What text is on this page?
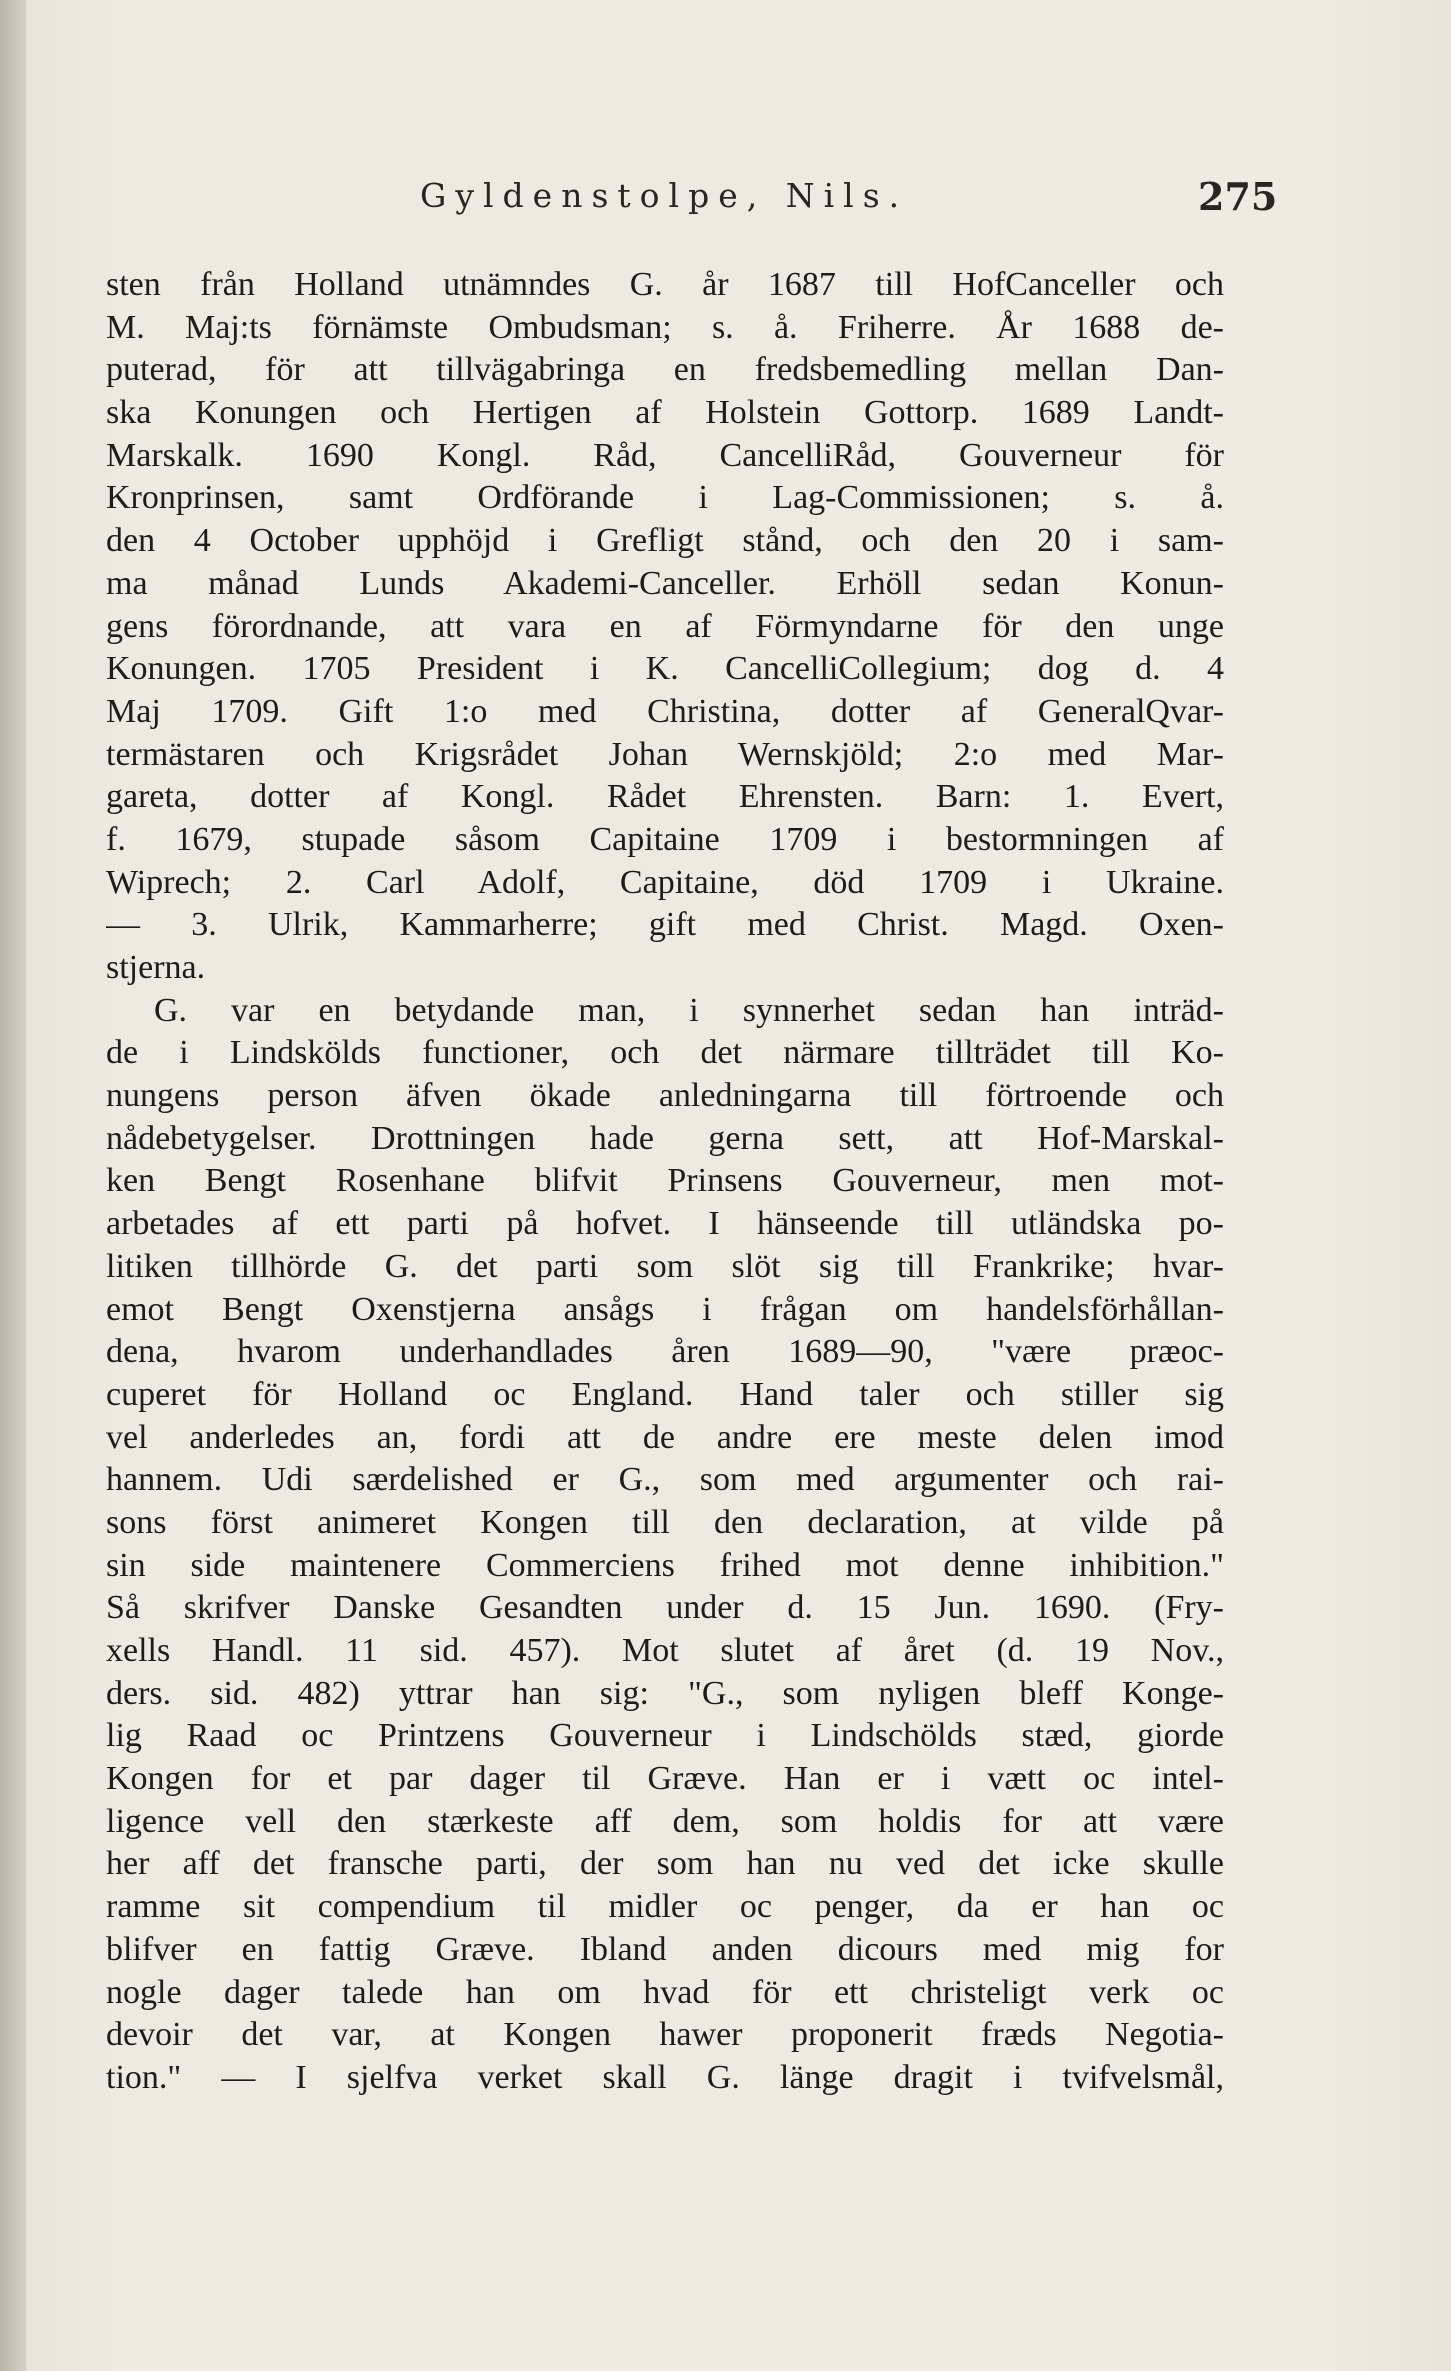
Gyldenstolpe, Nils.	275
sten från Holland utnämndes G. år 1687 till HofCanceller och
M. Maj:ts förnämste Ombudsman; s. å. Friherre. År 1688 de-
puterad, för att tillvägabringa en fredsbemedling mellan Dan-
ska Konungen och Hertigen af Holstein Gottorp. 1689 Landt-
Marskalk. 1690 Kongl. Råd, CancelliRåd, Gouverneur för
Kronprinsen, samt Ordförande i Lag-Commissionen; s. å.
den 4 October upphöjd i Grefligt stånd, och den 20 i sam-
ma månad Lunds Akademi-Canceller. Erhöll sedan Konun-
gens förordnande, att vara en af Förmyndarne för den unge
Konungen. 1705 President i K. CancelliCollegium; dog d. 4
Maj 1709. Gift 1:o med Christina, dotter af GeneralQvar-
termästaren och Krigsrådet Johan Wernskjöld; 2:o med Mar-
gareta, dotter af Kongl. Rådet Ehrensten. Barn: 1. Evert,
f. 1679, stupade såsom Capitaine 1709 i bestormningen af
Wiprech; 2. Carl Adolf, Capitaine, död 1709 i Ukraine.
— 3. Ulrik, Kammarherre; gift med Christ. Magd. Oxen-
stjerna.
G. var en betydande man, i synnerhet sedan han inträd-
de i Lindskölds functioner, och det närmare tillträdet till Ko-
nungens person äfven ökade anledningarna till förtroende och
nådebetygelser. Drottningen hade gerna sett, att Hof-Marskal-
ken Bengt Rosenhane blifvit Prinsens Gouverneur, men mot-
arbetades af ett parti på hofvet. I hänseende till utländska po-
litiken tillhörde G. det parti som slöt sig till Frankrike; hvar-
emot Bengt Oxenstjerna ansågs i frågan om handelsförhållan-
dena, hvarom underhandlades åren 1689—90, "være præoc-
cuperet för Holland oc England. Hand taler och stiller sig
vel anderledes an, fordi att de andre ere meste delen imod
hannem. Udi særdelished er G., som med argumenter och rai-
sons först animeret Kongen till den declaration, at vilde på
sin side maintenere Commerciens frihed mot denne inhibition."
Så skrifver Danske Gesandten under d. 15 Jun. 1690. (Fry-
xells Handl. 11 sid. 457). Mot slutet af året (d. 19 Nov.,
ders. sid. 482) yttrar han sig: "G., som nyligen bleff Konge-
lig Raad oc Printzens Gouverneur i Lindschölds stæd, giorde
Kongen for et par dager til Græve. Han er i vætt oc intel-
ligence vell den stærkeste aff dem, som holdis for att være
her aff det fransche parti, der som han nu ved det icke skulle
ramme sit compendium til midler oc penger, da er han oc
blifver en fattig Græve. Ibland anden dicours med mig for
nogle dager talede han om hvad för ett christeligt verk oc
devoir det var, at Kongen hawer proponerit fræds Negotia-
tion." — I sjelfva verket skall G. länge dragit i tvifvelsmål,
